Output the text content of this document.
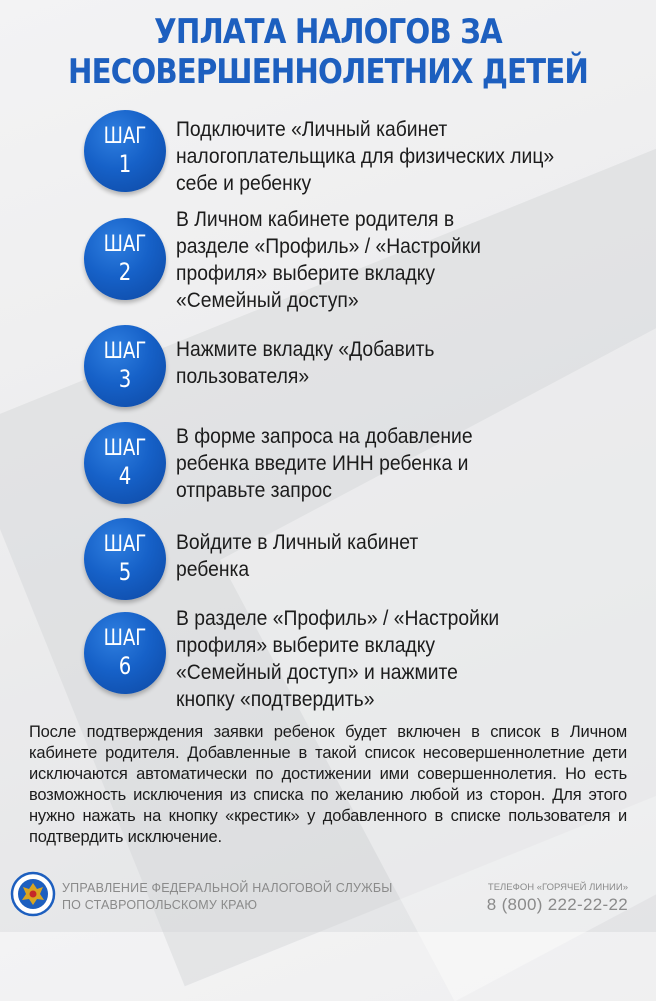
УПЛАТА НАЛОГОВ ЗА
НЕСОВЕРШЕННОЛЕТНИХ ДЕТЕЙ
ШАГ
1
Подключите «Личный кабинет
налогоплательщика для физических лиц»
себе и ребенку
ШАГ
2
В Личном кабинете родителя в
разделе «Профиль» / «Настройки
профиля» выберите вкладку
«Семейный доступ»
ШАГ
3
Нажмите вкладку «Добавить
пользователя»
ШАГ
4
В форме запроса на добавление
ребенка введите ИНН ребенка и
отправьте запрос
ШАГ
5
Войдите в Личный кабинет
ребенка
ШАГ
6
В разделе «Профиль» / «Настройки
профиля» выберите вкладку
«Семейный доступ» и нажмите
кнопку «подтвердить»
После подтверждения заявки ребенок будет включен в список в Личном кабинете родителя. Добавленные в такой список несовершеннолетние дети исключаются автоматически по достижении ими совершеннолетия. Но есть возможность исключения из списка по желанию любой из сторон. Для этого нужно нажать на кнопку «крестик» у добавленного в списке пользователя и подтвердить исключение.
УПРАВЛЕНИЕ ФЕДЕРАЛЬНОЙ НАЛОГОВОЙ СЛУЖБЫ
ПО СТАВРОПОЛЬСКОМУ КРАЮ
ТЕЛЕФОН «ГОРЯЧЕЙ ЛИНИИ»
8 (800) 222-22-22
